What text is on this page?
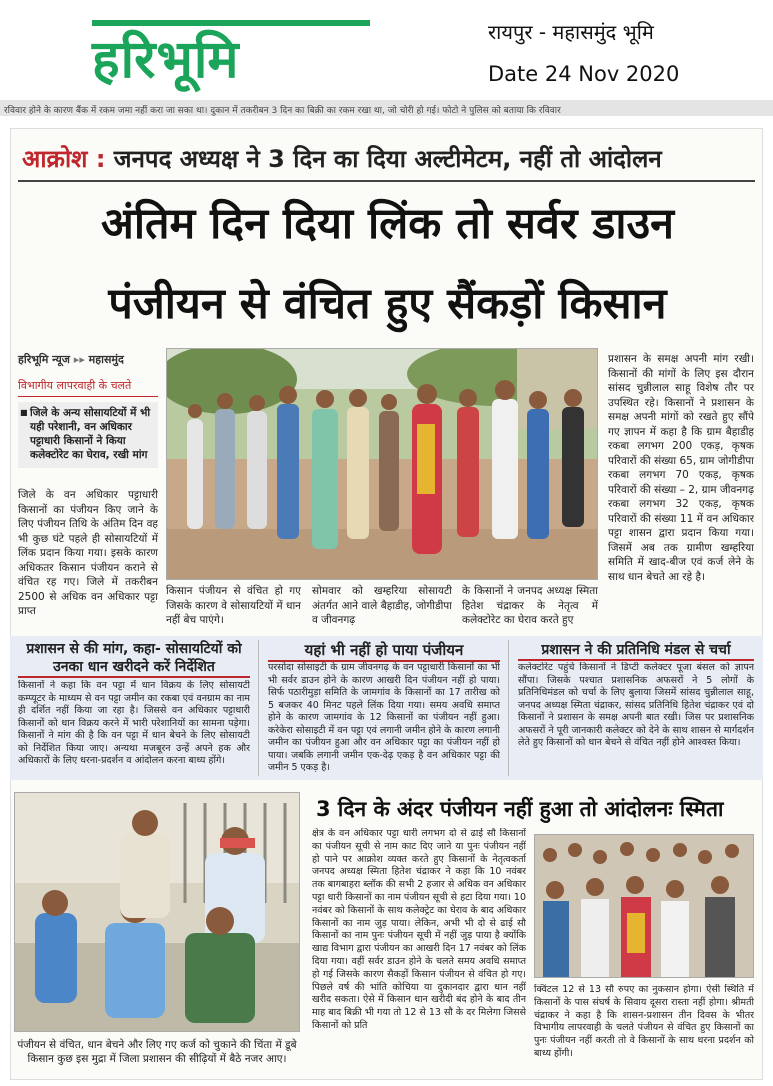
हरिभूमि	रायपुर - महासमुंद भूमि
Date 24 Nov 2020
रविवार होने के कारण बैंक में रकम जमा नहीं करा जा सका था। दुकान में तकरीबन 3 दिन का बिक्री का रकम रखा था, जो चोरी हो गई। फोटो ने पुलिस को बताया कि रविवार
आक्रोश : जनपद अध्यक्ष ने 3 दिन का दिया अल्टीमेटम, नहीं तो आंदोलन
अंतिम दिन दिया लिंक तो सर्वर डाउन
पंजीयन से वंचित हुए सैंकड़ों किसान
हरिभूमि न्यूज ▸▸ महासमुंद
विभागीय लापरवाही के चलते
■ जिले के अन्य सोसायटियों में भी यही परेशानी, वन अधिकार पट्टाधारी किसानों ने किया कलेक्टोरेट का घेराव, रखी मांग
जिले के वन अधिकार पट्टाधारी किसानों का पंजीयन किए जाने के लिए पंजीयन तिथि के अंतिम दिन वह भी कुछ घंटे पहले ही सोसायटियों में लिंक प्रदान किया गया। इसके कारण अधिकतर किसान पंजीयन कराने से वंचित रह गए। जिले में तकरीबन 2500 से अधिक वन अधिकार पट्टा प्राप्त
किसान पंजीयन से वंचित हो गए जिसके कारण वे सोसायटियों में धान नहीं बेच पाएंगे।
सोमवार को खम्हरिया सोसायटी अंतर्गत आने वाले बैहाडीह, जोगीडीपा व जीवनगढ़
के किसानों ने जनपद अध्यक्ष स्मिता हितेश चंद्राकर के नेतृत्व में कलेक्टोरेट का घेराव करते हुए
प्रशासन के समक्ष अपनी मांग रखी। किसानों की मांगों के लिए इस दौरान सांसद चुन्नीलाल साहू विशेष तौर पर उपस्थित रहे। किसानों ने प्रशासन के समक्ष अपनी मांगों को रखते हुए सौंपे गए ज्ञापन में कहा है कि ग्राम बैहाडीह रकबा लगभग 200 एकड़, कृषक परिवारों की संख्या 65, ग्राम जोगीडीपा रकबा लगभग 70 एकड़, कृषक परिवारों की संख्या – 2, ग्राम जीवनगढ़ रकबा लगभग 32 एकड़, कृषक परिवारों की संख्या 11 में वन अधिकार पट्टा शासन द्वारा प्रदान किया गया। जिसमें अब तक ग्रामीण खम्हरिया समिति में खाद-बीज एवं कर्ज लेने के साथ धान बेचते आ रहे है।
प्रशासन से की मांग, कहा- सोसायटियों को उनका धान खरीदने करें निर्देशित
किसानों ने कहा कि वन पट्टा में धान विक्रय के लिए सोसायटी कम्प्यूटर के माध्यम से वन पट्टा जमीन का रकबा एवं वनग्राम का नाम ही दर्शित नहीं किया जा रहा है। जिससे वन अधिकार पट्टाधारी किसानों को धान विक्रय करने में भारी परेशानियों का सामना पड़ेगा। किसानों ने मांग की है कि वन पट्टा में धान बेचने के लिए सोसायटी को निर्देशित किया जाए। अन्यथा मजबूरन उन्हें अपने हक और अधिकारों के लिए धरना-प्रदर्शन व आंदोलन करना बाध्य होंगे।
यहां भी नहीं हो पाया पंजीयन
परसोदा सोसाइटी के ग्राम जीवनगढ़ के वन पट्टाधारी किसानों का भी भी सर्वर डाउन होने के कारण आखरी दिन पंजीयन नहीं हो पाया। सिर्फ पठारीमुड़ा समिति के जामगांव के किसानों का 17 तारीख को 5 बजकर 40 मिनट पहले लिंक दिया गया। समय अवधि समाप्त होने के कारण जामगांव के 12 किसानों का पंजीयन नहीं हुआ। करेकेरा सोसाइटी में वन पट्टा एवं लगानी जमीन होने के कारण लगानी जमीन का पंजीयन हुआ और वन अधिकार पट्टा का पंजीयन नहीं हो पाया। जबकि लगानी जमीन एक-देढ़ एकड़ है वन अधिकार पट्टा की जमीन 5 एकड़ है।
प्रशासन ने की प्रतिनिधि मंडल से चर्चा
कलेक्टोरेट पहुंचे किसानों ने डिप्टी कलेक्टर पूजा बंसल को ज्ञापन सौंपा। जिसके पश्चात प्रशासनिक अफसरों ने 5 लोगों के प्रतिनिधिमंडल को चर्चा के लिए बुलाया जिसमें सांसद चुन्नीलाल साहू, जनपद अध्यक्ष स्मिता चंद्राकर, सांसद प्रतिनिधि हितेश चंद्राकर एवं दो किसानों ने प्रशासन के समक्ष अपनी बात रखी। जिस पर प्रशासनिक अफसरों ने पूरी जानकारी कलेक्टर को देने के साथ शासन से मार्गदर्शन लेते हुए किसानों को धान बेचने से वंचित नहीं होने आश्वस्त किया।
पंजीयन से वंचित, धान बेचने और लिए गए कर्ज को चुकाने की चिंता में डूबे किसान कुछ इस मुद्रा में जिला प्रशासन की सीढ़ियों में बैठे नजर आए।
3 दिन के अंदर पंजीयन नहीं हुआ तो आंदोलनः स्मिता
क्षेत्र के वन अधिकार पट्टा धारी लगभग दो से ढाई सौ किसानों का पंजीयन सूची से नाम काट दिए जाने या पुनः पंजीयन नहीं हो पाने पर आक्रोश व्यक्त करते हुए किसानों के नेतृत्वकर्ता जनपद अध्यक्ष स्मिता हितेश चंद्राकर ने कहा कि 10 नवंबर तक बागबाहरा ब्लॉक की सभी 2 हजार से अधिक वन अधिकार पट्टा धारी किसानों का नाम पंजीयन सूची से हटा दिया गया। 10 नवंबर को किसानों के साथ कलेक्ट्रेट का घेराव के बाद अधिकार किसानों का नाम जुड़ पाया। लेकिन, अभी भी दो से ढाई सौ किसानों का नाम पुनः पंजीयन सूची में नहीं जुड़ पाया है क्योंकि खाद्य विभाग द्वारा पंजीयन का आखरी दिन 17 नवंबर को लिंक दिया गया। वहीं सर्वर डाउन होने के चलते समय अवधि समाप्त हो गई जिसके कारण सैकड़ों किसान पंजीयन से वंचित हो गए। पिछले वर्ष की भांति कोचिया या दुकानदार द्वारा धान नहीं खरीद सकता। ऐसे में किसान धान खरीदी बंद होने के बाद तीन माह बाद बिक्री भी गया तो 12 से 13 सौ के दर मिलेगा जिससे किसानों को प्रति
क्विंटल 12 से 13 सौ रुपए का नुकसान होगा। ऐसी स्थिति में किसानों के पास संघर्ष के सिवाय दूसरा रास्ता नहीं होगा। श्रीमती चंद्राकर ने कहा है कि शासन-प्रशासन तीन दिवस के भीतर विभागीय लापरवाही के चलते पंजीयन से वंचित हुए किसानों का पुनः पंजीयन नहीं करती तो वे किसानों के साथ धरना प्रदर्शन को बाध्य होंगी।
